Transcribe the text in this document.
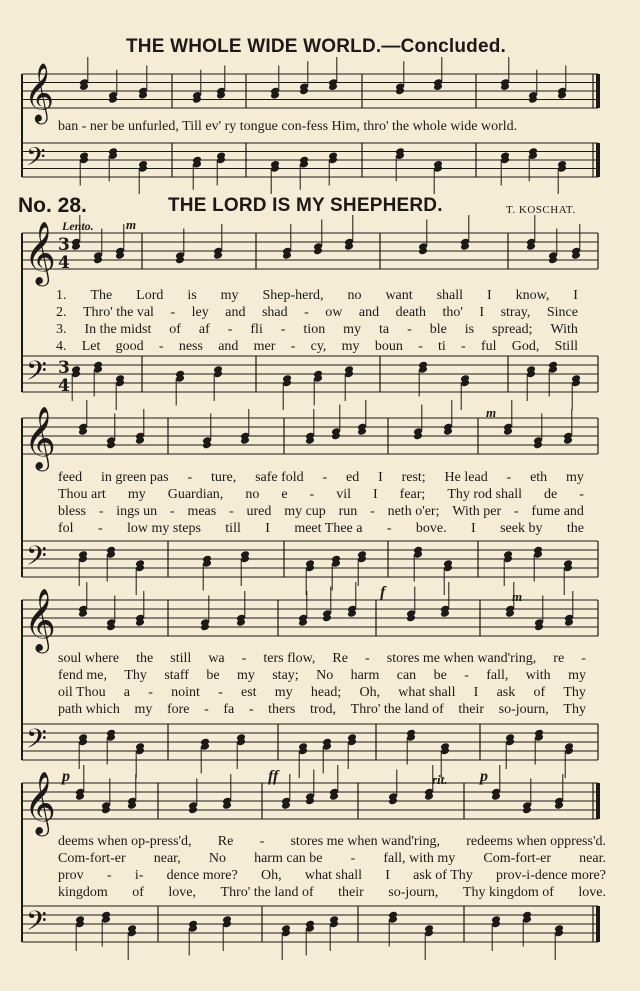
𝄞
𝄢
𝄞
𝄢
𝄞
𝄢
𝄞
𝄢
𝄞
𝄢
3
4
3
4
THE WHOLE WIDE WORLD.—Concluded.
ban - ner be unfurled, Till ev' ry tongue con-fess Him, thro' the whole wide world.
No. 28.	THE LORD IS MY SHEPHERD.	T. KOSCHAT.
Lento. m
1. The Lord is my Shep-herd, no want shall I know, I
2. Thro' the val - ley and shad - ow and death tho' I stray, Since
3. In the midst of af - fli - tion my ta - ble is spread; With
4. Let good - ness and mer - cy, my boun - ti - ful God, Still
feed in green pas - ture, safe fold - ed I rest; He lead - eth my
Thou art my Guardian, no e - vil I fear; Thy rod shall de -
bless - ings un - meas - ured my cup run - neth o'er; With per - fume and
fol - low my steps till I meet Thee a - bove. I seek by the
soul where the still wa - ters flow, Re - stores me when wand'ring, re -
fend me, Thy staff be my stay; No harm can be - fall, with my
oil Thou a - noint - est my head; Oh, what shall I ask of Thy
path which my fore - fa - thers trod, Thro' the land of their so-journ, Thy
deems when op-press'd, Re - stores me when wand'ring, redeems when oppress'd.
Com-fort-er near, No harm can be - fall, with my Com-fort-er near.
prov - i- dence more? Oh, what shall I ask of Thy prov-i-dence more?
kingdom of love, Thro' the land of their so-journ, Thy kingdom of love.
m
f	m
p	ff	rit. p
